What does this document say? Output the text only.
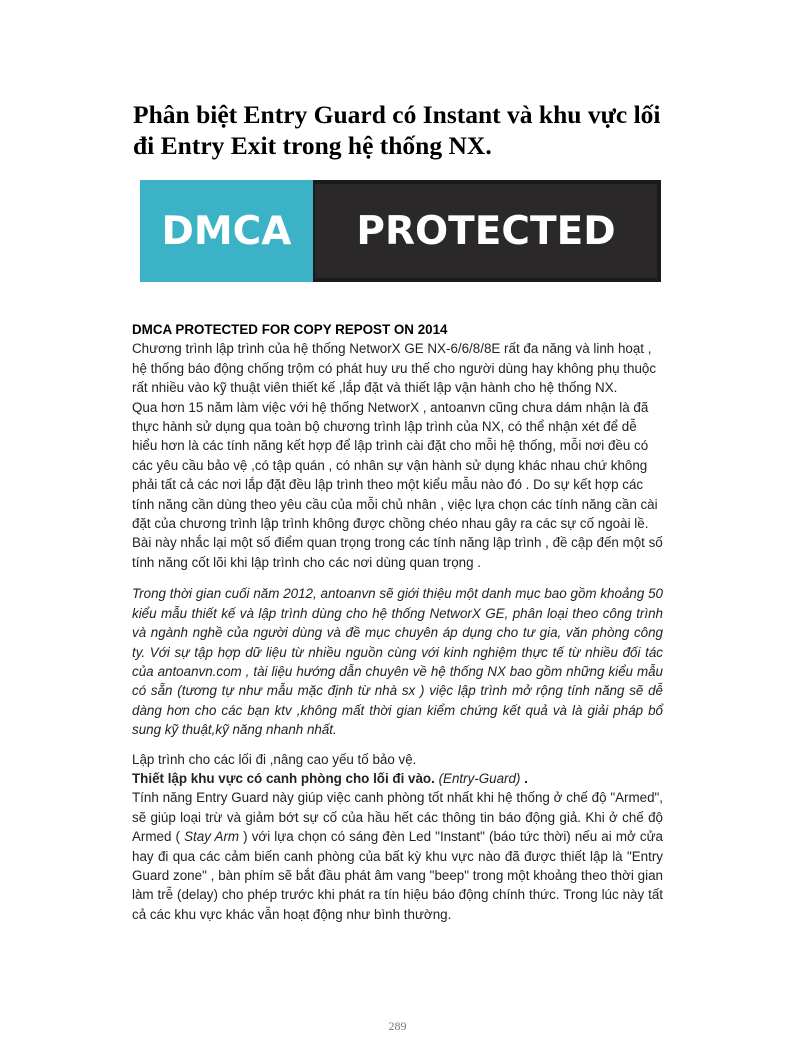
Phân biệt Entry Guard có Instant và khu vực lối đi Entry Exit trong hệ thống NX.
DMCA	PROTECTED

DMCA PROTECTED FOR COPY REPOST ON 2014

Chương trình lập trình của hệ thống NetworX GE NX-6/6/8/8E rất đa năng và linh hoạt , hệ thống báo động chống trộm có phát huy ưu thế cho người dùng hay không phụ thuộc rất nhiều vào kỹ thuật viên thiết kế ,lắp đặt và thiết lập vận hành cho hệ thống NX.

Qua hơn 15 năm làm việc với hệ thống NetworX , antoanvn cũng chưa dám nhận là đã thực hành sử dụng qua toàn bộ chương trình lập trình của NX, có thể nhận xét để dễ hiểu hơn là các tính năng kết hợp để lập trình cài đặt cho mỗi hệ thống, mỗi nơi đều có các yêu cầu bảo vệ ,có tập quán , có nhân sự vận hành sử dụng khác nhau chứ không phải tất cả các nơi lắp đặt đều lập trình theo một kiểu mẫu nào đó . Do sự kết hợp các tính năng cần dùng theo yêu cầu của mỗi chủ nhân , việc lựa chọn các tính năng cần cài đặt của chương trình lập trình không được chồng chéo nhau gây ra các sự cố ngoài lề.

Bài này nhắc lại một số điểm quan trọng trong các tính năng lập trình , đề cập đến một số tính năng cốt lõi khi lập trình cho các nơi dùng quan trọng .

Trong thời gian cuối năm 2012, antoanvn sẽ giới thiệu một danh mục bao gồm khoảng 50 kiểu mẫu thiết kế và lập trình dùng cho hệ thống NetworX GE, phân loại theo công trình và ngành nghề của người dùng và đề mục chuyên áp dụng cho tư gia, văn phòng công ty. Với sự tập hợp dữ liệu từ nhiều nguồn cùng với kinh nghiệm thực tế từ nhiều đối tác của antoanvn.com , tài liệu hướng dẫn chuyên về hệ thống NX bao gồm những kiểu mẫu có sẵn (tương tự như mẫu mặc định từ nhà sx ) việc lập trình mở rộng tính năng sẽ dễ dàng hơn cho các bạn ktv ,không mất thời gian kiểm chứng kết quả và là giải pháp bổ sung kỹ thuật,kỹ năng nhanh nhất.

Lập trình cho các lối đi ,nâng cao yếu tố bảo vệ.

Thiết lập khu vực có canh phòng cho lối đi vào. (Entry-Guard) .

Tính năng Entry Guard này giúp việc canh phòng tốt nhất khi hệ thống ở chế độ "Armed", sẽ giúp loại trừ và giảm bớt sự cố của hầu hết các thông tin báo động giả. Khi ở chế độ Armed ( Stay Arm ) với lựa chọn có sáng đèn Led "Instant" (báo tức thời) nếu ai mở cửa hay đi qua các cảm biến canh phòng của bất kỳ khu vực nào đã được thiết lập là "Entry Guard zone" , bàn phím sẽ bắt đầu phát âm vang "beep" trong một khoảng theo thời gian làm trễ (delay) cho phép trước khi phát ra tín hiệu báo động chính thức. Trong lúc này tất cả các khu vực khác vẫn hoạt động như bình thường.

289
